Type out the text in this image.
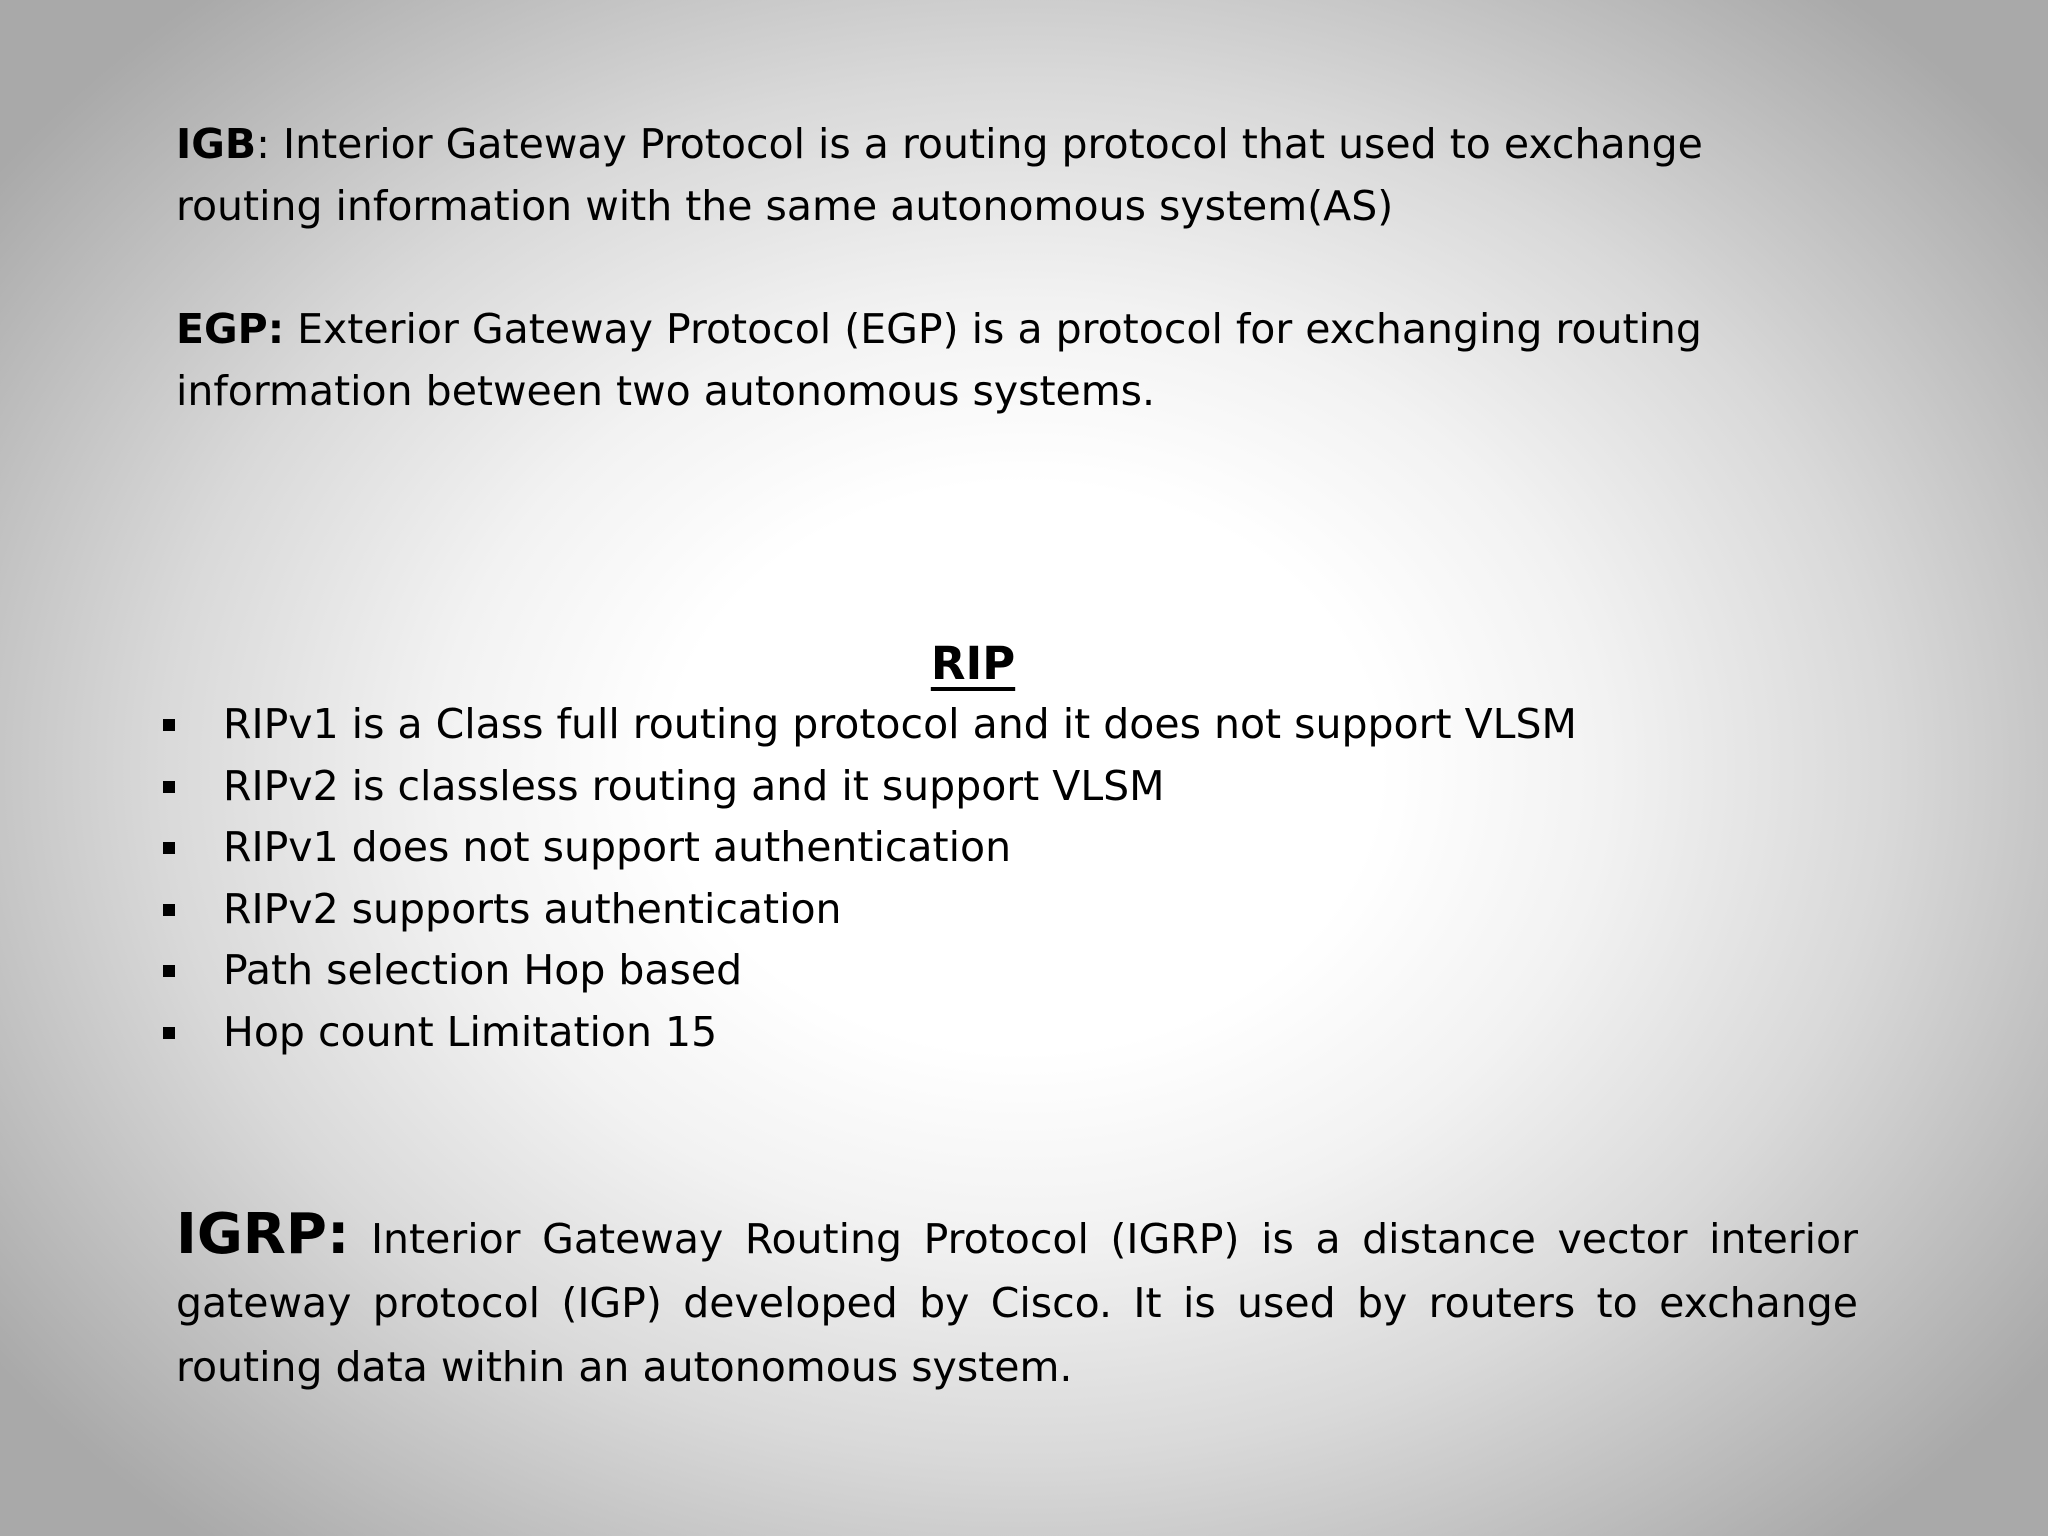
IGB: Interior Gateway Protocol is a routing protocol that used to exchange routing information with the same autonomous system(AS)

EGP: Exterior Gateway Protocol (EGP) is a protocol for exchanging routing information between two autonomous systems.

RIP
RIPv1 is a Class full routing protocol and it does not support VLSM
RIPv2 is classless routing and it support VLSM
RIPv1 does not support authentication
RIPv2 supports authentication
Path selection Hop based
Hop count Limitation 15

IGRP: Interior Gateway Routing Protocol (IGRP) is a distance vector interior gateway protocol (IGP) developed by Cisco. It is used by routers to exchange routing data within an autonomous system.
